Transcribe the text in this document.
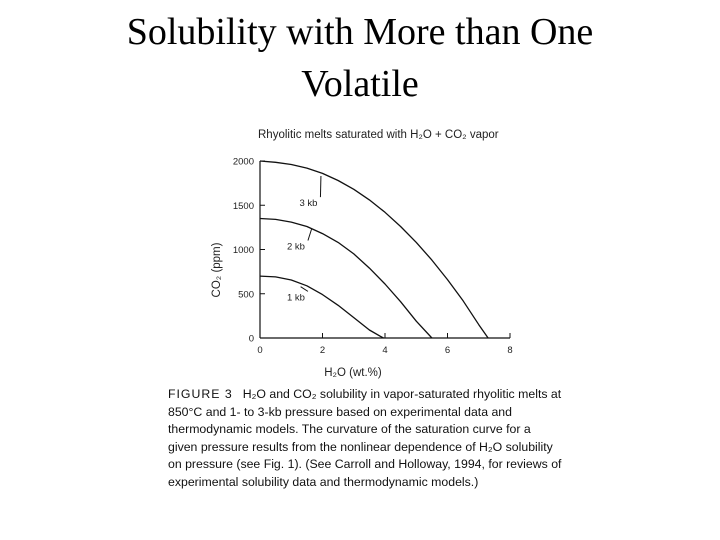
Solubility with More than One
Volatile
Rhyolitic melts saturated with H₂O + CO₂ vapor
0
500
1000
1500
2000
0	2	4	6	8
1 kb
2 kb
3 kb
H₂O (wt.%)
CO₂ (ppm)
FIGURE 3 H₂O and CO₂ solubility in vapor-saturated rhyolitic melts at 850°C and 1- to 3-kb pressure based on experimental data and thermodynamic models. The curvature of the saturation curve for a given pressure results from the nonlinear dependence of H₂O solubility on pressure (see Fig. 1). (See Carroll and Holloway, 1994, for reviews of experimental solubility data and thermodynamic models.)
